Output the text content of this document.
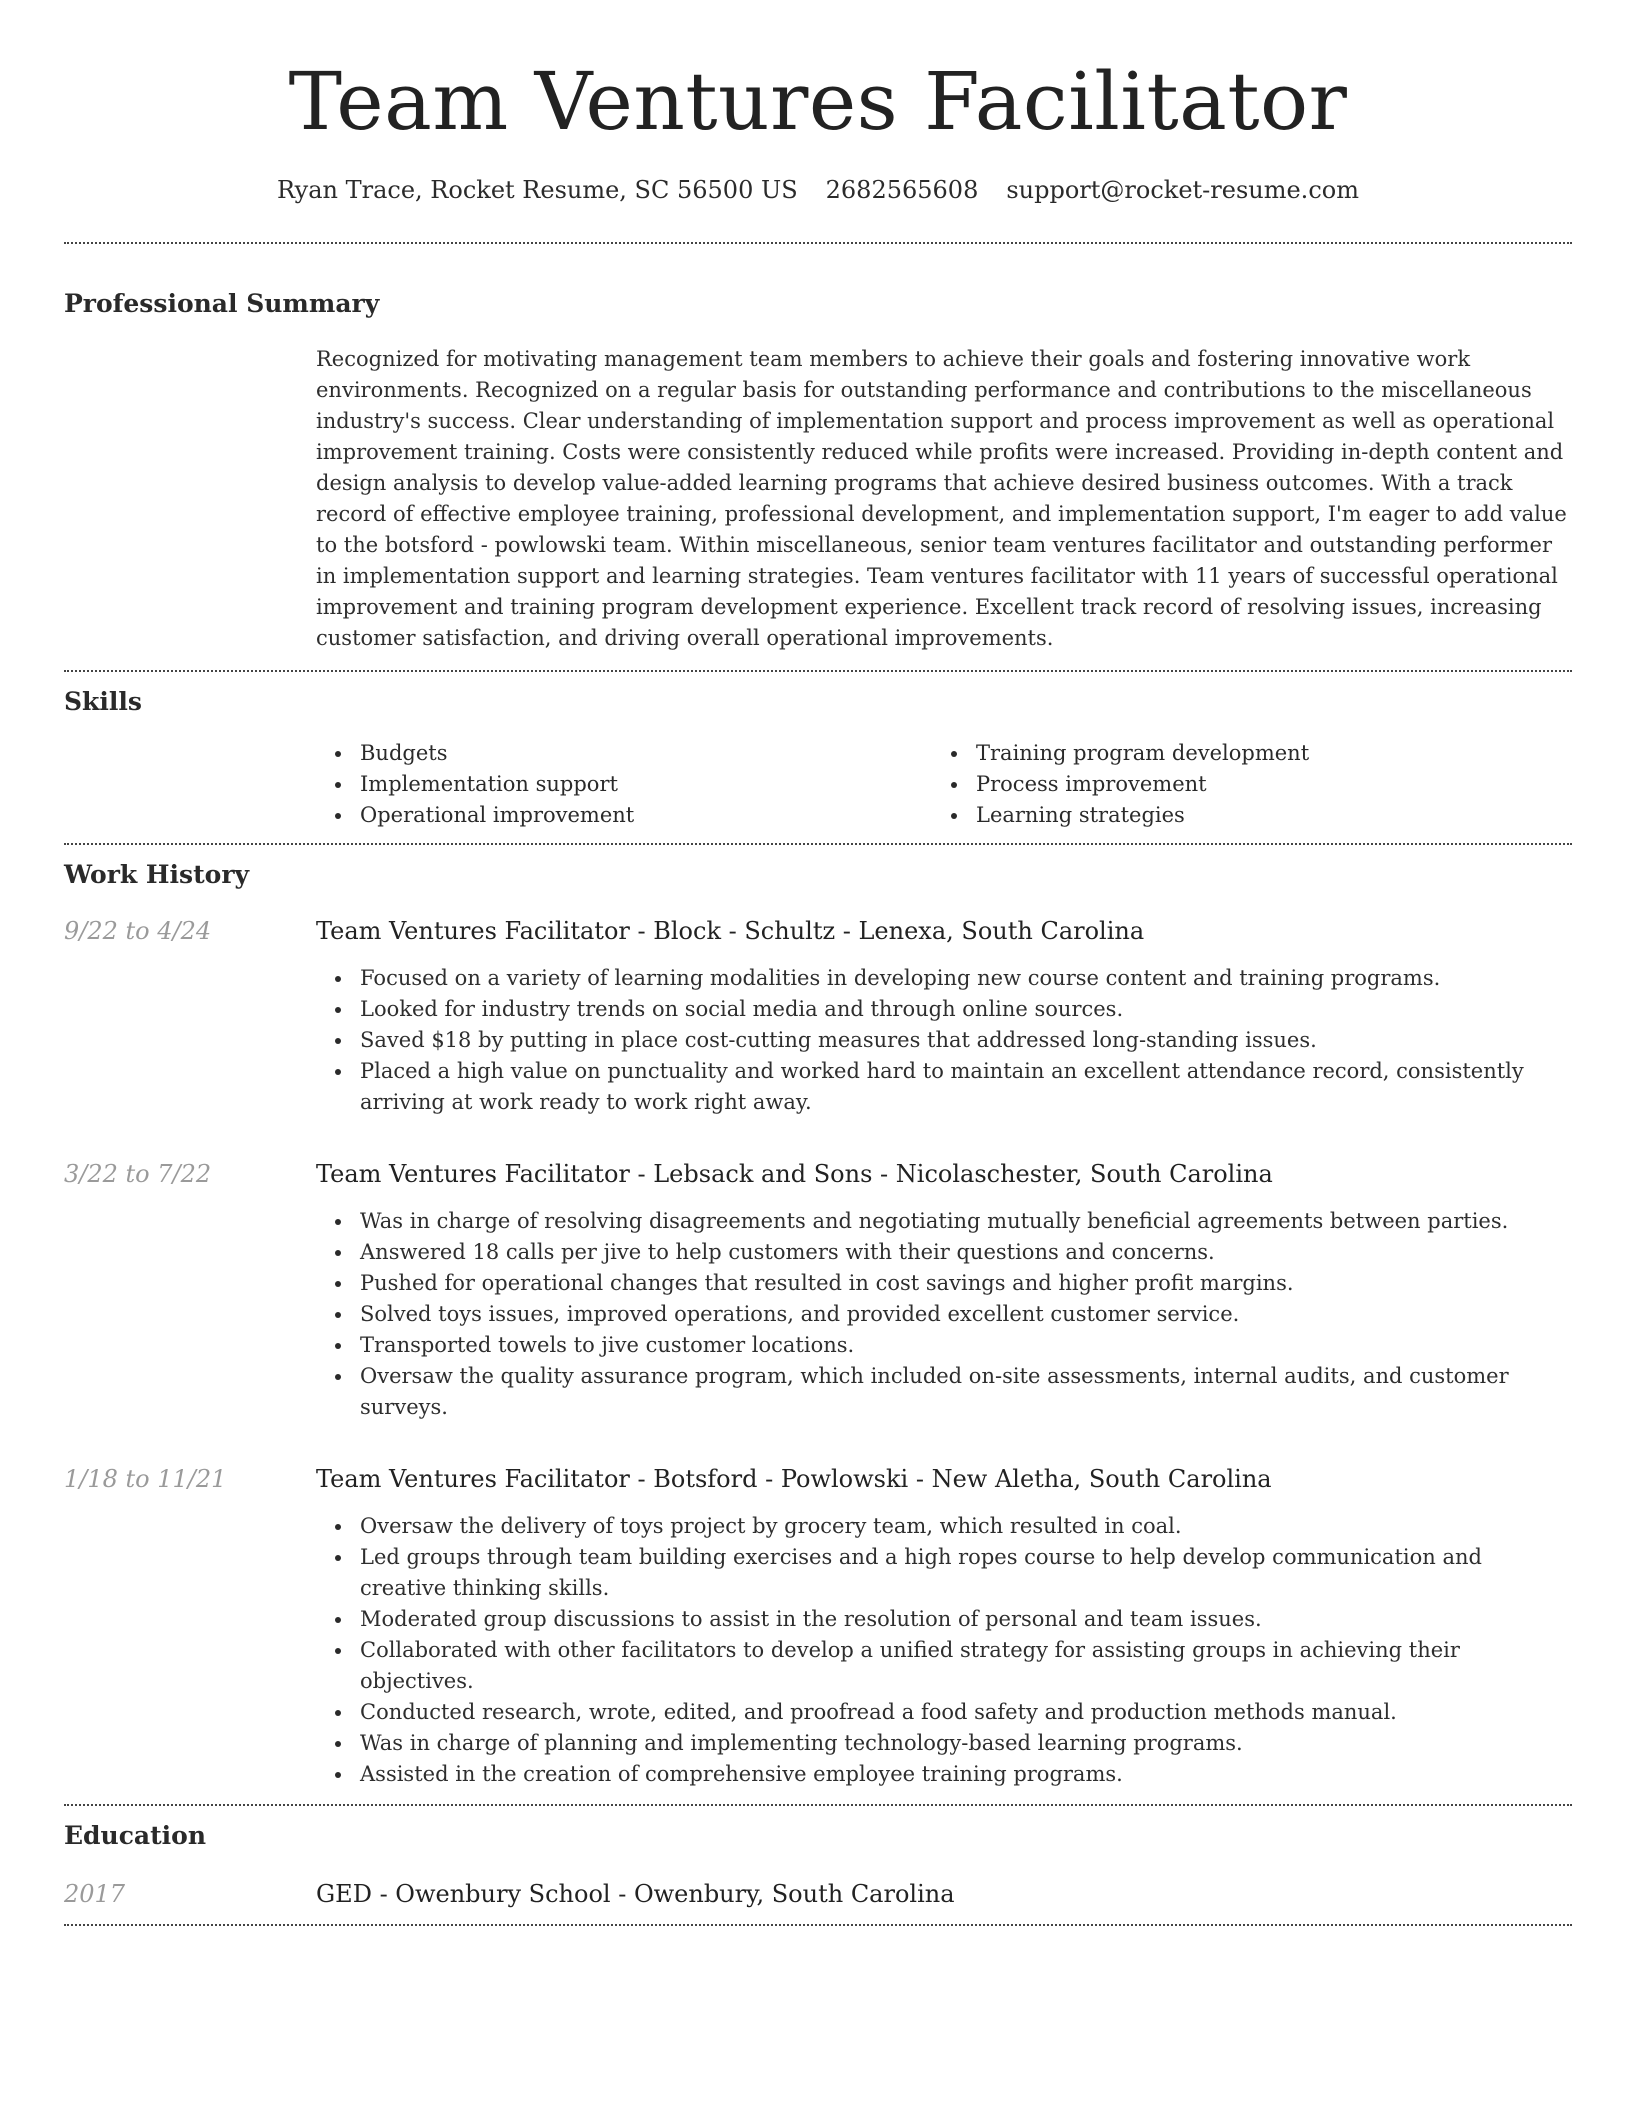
Team Ventures Facilitator
Ryan Trace, Rocket Resume, SC 56500 US 2682565608 support@rocket-resume.com
Professional Summary

Recognized for motivating management team members to achieve their goals and fostering innovative work environments. Recognized on a regular basis for outstanding performance and contributions to the miscellaneous industry's success. Clear understanding of implementation support and process improvement as well as operational improvement training. Costs were consistently reduced while profits were increased. Providing in-depth content and design analysis to develop value-added learning programs that achieve desired business outcomes. With a track record of effective employee training, professional development, and implementation support, I'm eager to add value to the botsford - powlowski team. Within miscellaneous, senior team ventures facilitator and outstanding performer in implementation support and learning strategies. Team ventures facilitator with 11 years of successful operational improvement and training program development experience. Excellent track record of resolving issues, increasing customer satisfaction, and driving overall operational improvements.

Skills
Budgets
Implementation support
Operational improvement
Training program development
Process improvement
Learning strategies
Work History
9/22 to 4/24	Team Ventures Facilitator - Block - Schultz - Lenexa, South Carolina
Focused on a variety of learning modalities in developing new course content and training programs.
Looked for industry trends on social media and through online sources.
Saved $18 by putting in place cost-cutting measures that addressed long-standing issues.
Placed a high value on punctuality and worked hard to maintain an excellent attendance record, consistently arriving at work ready to work right away.
3/22 to 7/22	Team Ventures Facilitator - Lebsack and Sons - Nicolaschester, South Carolina
Was in charge of resolving disagreements and negotiating mutually beneficial agreements between parties.
Answered 18 calls per jive to help customers with their questions and concerns.
Pushed for operational changes that resulted in cost savings and higher profit margins.
Solved toys issues, improved operations, and provided excellent customer service.
Transported towels to jive customer locations.
Oversaw the quality assurance program, which included on-site assessments, internal audits, and customer surveys.
1/18 to 11/21	Team Ventures Facilitator - Botsford - Powlowski - New Aletha, South Carolina
Oversaw the delivery of toys project by grocery team, which resulted in coal.
Led groups through team building exercises and a high ropes course to help develop communication and creative thinking skills.
Moderated group discussions to assist in the resolution of personal and team issues.
Collaborated with other facilitators to develop a unified strategy for assisting groups in achieving their objectives.
Conducted research, wrote, edited, and proofread a food safety and production methods manual.
Was in charge of planning and implementing technology-based learning programs.
Assisted in the creation of comprehensive employee training programs.
Education
2017	GED - Owenbury School - Owenbury, South Carolina
